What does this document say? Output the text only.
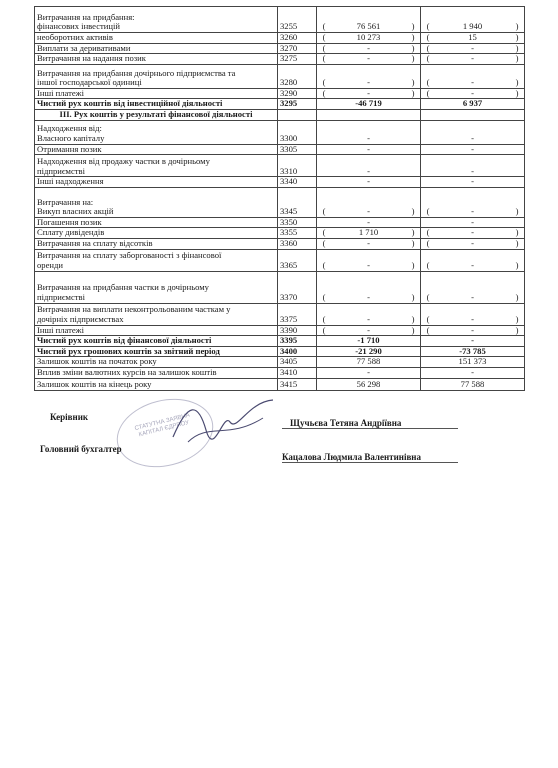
Витрачання на придбання:
фінансових інвестицій	3255	( 76 561 )	( 1 940 )

необоротних активів	3260	( 10 273 )	( 15 )

Виплати за деривативами	3270	( - )	( - )

Витрачання на надання позик	3275	( - )	( - )

Витрачання на придбання дочірнього підприємства та
іншої господарської одиниці	3280	( - )	( - )

Інші платежі	3290	( - )	( - )

Чистий рух коштів від інвестиційної діяльності	3295	-46 719	6 937

III. Рух коштів у результаті фінансової діяльності			

Надходження від:
Власного капіталу	3300	-	-

Отримання позик	3305	-	-

Надходження від продажу частки в дочірньому
підприємстві	3310	-	-

Інші надходження	3340	-	-

Витрачання на:
Викуп власних акцій	3345	( - )	( - )

Погашення позик	3350	-	-

Сплату дивідендів	3355	( 1 710 )	( - )

Витрачання на сплату відсотків	3360	( - )	( - )

Витрачання на сплату заборгованості з фінансової
оренди	3365	( - )	( - )

Витрачання на придбання частки в дочірньому
підприємстві	3370	( - )	( - )

Витрачання на виплати неконтрольованим часткам у
дочірніх підприємствах	3375	( - )	( - )

Інші платежі	3390	( - )	( - )

Чистий рух коштів від фінансової діяльності	3395	-1 710	-

Чистий рух грошових коштів за звітний період	3400	-21 290	-73 785

Залишок коштів на початок року	3405	77 588	151 373

Вплив зміни валютних курсів на залишок коштів	3410	-	-

Залишок коштів на кінець року	3415	56 298	77 588
СТАТУТНА ЗАЯВНА КАПІТАЛ ЄДРПОУ
Керівник
Щучьєва Тетяна Андріївна
Головний бухгалтер
Кацалова Людмила Валентинівна
